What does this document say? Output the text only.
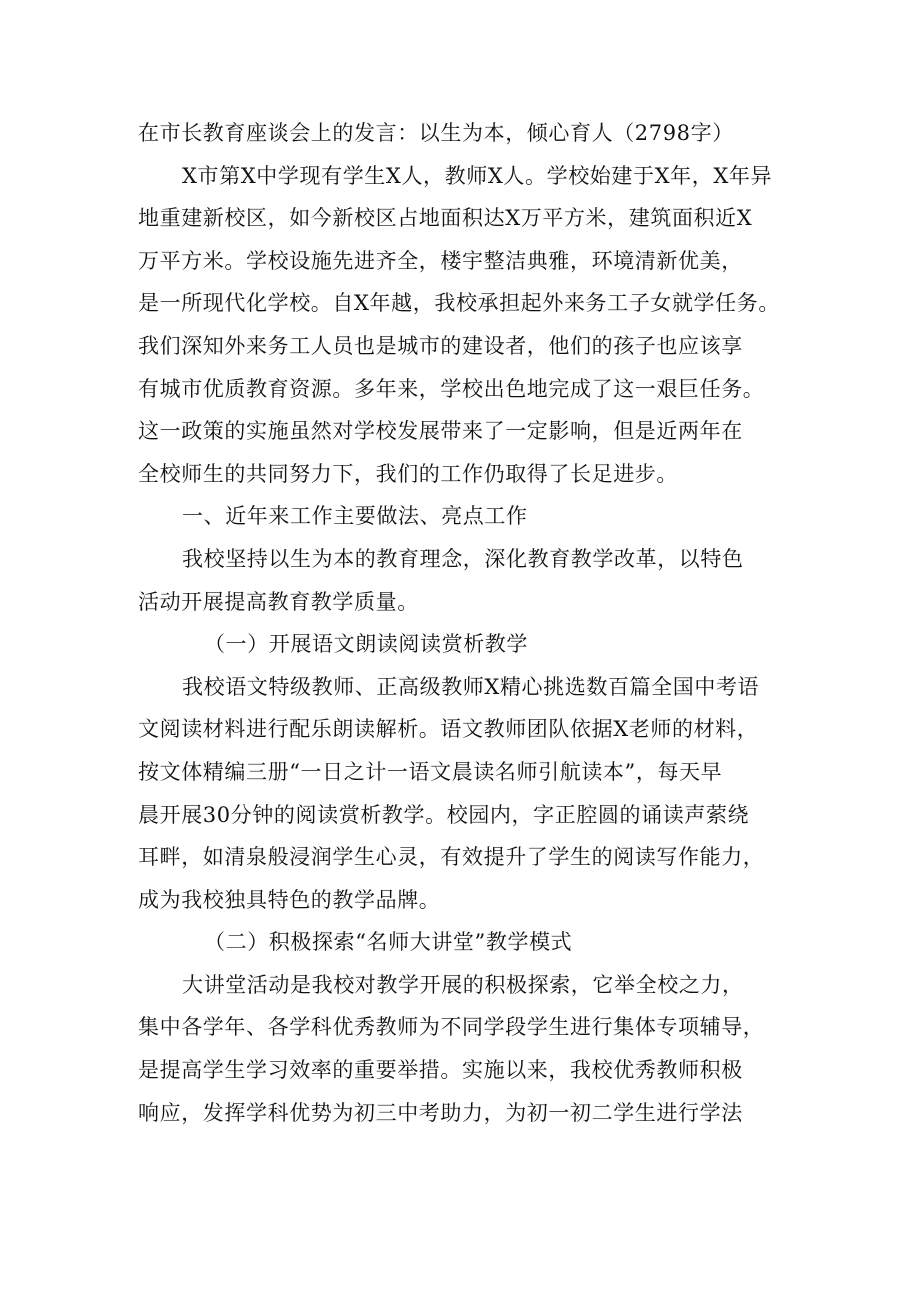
在市长教育座谈会上的发言：以生为本，倾心育人（2798字）
X市第X中学现有学生X人，教师X人。学校始建于X年，X年异
地重建新校区，如今新校区占地面积达X万平方米，建筑面积近X
万平方米。学校设施先进齐全，楼宇整洁典雅，环境清新优美，
是一所现代化学校。自X年越，我校承担起外来务工子女就学任务。
我们深知外来务工人员也是城市的建设者，他们的孩子也应该享
有城市优质教育资源。多年来，学校出色地完成了这一艰巨任务。
这一政策的实施虽然对学校发展带来了一定影响，但是近两年在
全校师生的共同努力下，我们的工作仍取得了长足进步。
一、近年来工作主要做法、亮点工作
我校坚持以生为本的教育理念，深化教育教学改革，以特色
活动开展提高教育教学质量。
（一）开展语文朗读阅读赏析教学
我校语文特级教师、正高级教师X精心挑选数百篇全国中考语
文阅读材料进行配乐朗读解析。语文教师团队依据X老师的材料，
按文体精编三册“一日之计一语文晨读名师引航读本”，每天早
晨开展30分钟的阅读赏析教学。校园内，字正腔圆的诵读声萦绕
耳畔，如清泉般浸润学生心灵，有效提升了学生的阅读写作能力，
成为我校独具特色的教学品牌。
（二）积极探索“名师大讲堂”教学模式
大讲堂活动是我校对教学开展的积极探索，它举全校之力，
集中各学年、各学科优秀教师为不同学段学生进行集体专项辅导，
是提高学生学习效率的重要举措。实施以来，我校优秀教师积极
响应，发挥学科优势为初三中考助力，为初一初二学生进行学法
